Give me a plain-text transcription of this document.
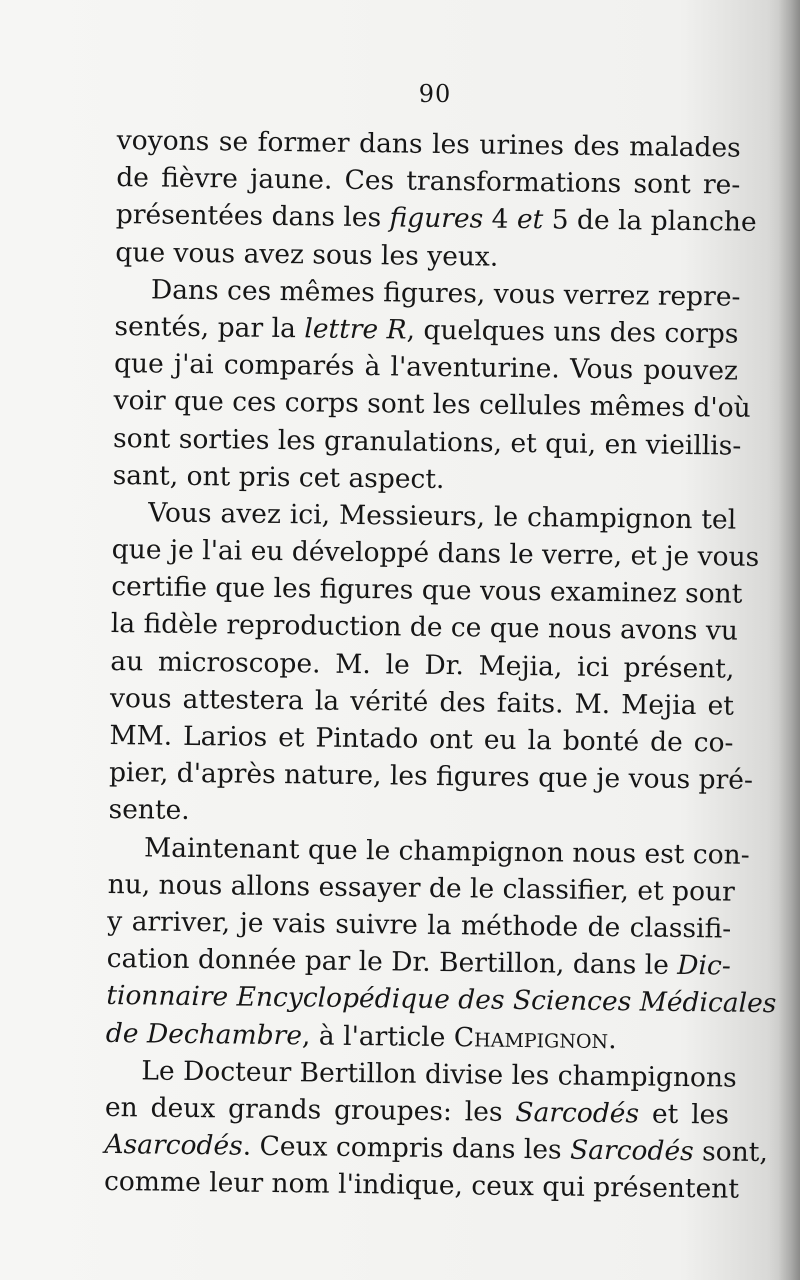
90
voyons se former dans les urines des malades
de fièvre jaune. Ces transformations sont re-
présentées dans les figures 4 et 5 de la planche
que vous avez sous les yeux.
Dans ces mêmes figures, vous verrez repre-
sentés, par la lettre R, quelques uns des corps
que j'ai comparés à l'aventurine. Vous pouvez
voir que ces corps sont les cellules mêmes d'où
sont sorties les granulations, et qui, en vieillis-
sant, ont pris cet aspect.
Vous avez ici, Messieurs, le champignon tel
que je l'ai eu développé dans le verre, et je vous
certifie que les figures que vous examinez sont
la fidèle reproduction de ce que nous avons vu
au microscope. M. le Dr. Mejia, ici présent,
vous attestera la vérité des faits. M. Mejia et
MM. Larios et Pintado ont eu la bonté de co-
pier, d'après nature, les figures que je vous pré-
sente.
Maintenant que le champignon nous est con-
nu, nous allons essayer de le classifier, et pour
y arriver, je vais suivre la méthode de classifi-
cation donnée par le Dr. Bertillon, dans le Dic-
tionnaire Encyclopédique des Sciences Médicales
de Dechambre, à l'article Champignon.
Le Docteur Bertillon divise les champignons
en deux grands groupes: les Sarcodés et les
Asarcodés. Ceux compris dans les Sarcodés sont,
comme leur nom l'indique, ceux qui présentent
